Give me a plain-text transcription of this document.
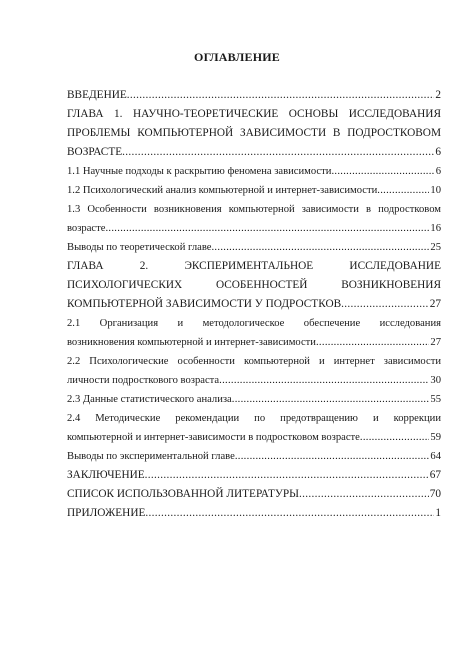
ОГЛАВЛЕНИЕ
ВВЕДЕНИЕ .....	2
ГЛАВА 1. НАУЧНО-ТЕОРЕТИЧЕСКИЕ ОСНОВЫ ИССЛЕДОВАНИЯ
ПРОБЛЕМЫ КОМПЬЮТЕРНОЙ ЗАВИСИМОСТИ В ПОДРОСТКОВОМ
ВОЗРАСТЕ .....	6
1.1 Научные подходы к раскрытию феномена зависимости .....	6
1.2 Психологический анализ компьютерной и интернет-зависимости .....	10
1.3 Особенности возникновения компьютерной зависимости в подростковом
возрасте .....	16
Выводы по теоретической главе .....	25
ГЛАВА 2. ЭКСПЕРИМЕНТАЛЬНОЕ ИССЛЕДОВАНИЕ
ПСИХОЛОГИЧЕСКИХ ОСОБЕННОСТЕЙ ВОЗНИКНОВЕНИЯ
КОМПЬЮТЕРНОЙ ЗАВИСИМОСТИ У ПОДРОСТКОВ .....	27
2.1 Организация и методологическое обеспечение исследования
возникновения компьютерной и интернет-зависимости .....	27
2.2 Психологические особенности компьютерной и интернет зависимости
личности подросткового возраста .....	30
2.3 Данные статистического анализа .....	55
2.4 Методические рекомендации по предотвращению и коррекции
компьютерной и интернет-зависимости в подростковом возрасте .....	59
Выводы по экспериментальной главе .....	64
ЗАКЛЮЧЕНИЕ .....	67
СПИСОК ИСПОЛЬЗОВАННОЙ ЛИТЕРАТУРЫ .....	70
ПРИЛОЖЕНИЕ .....	1
